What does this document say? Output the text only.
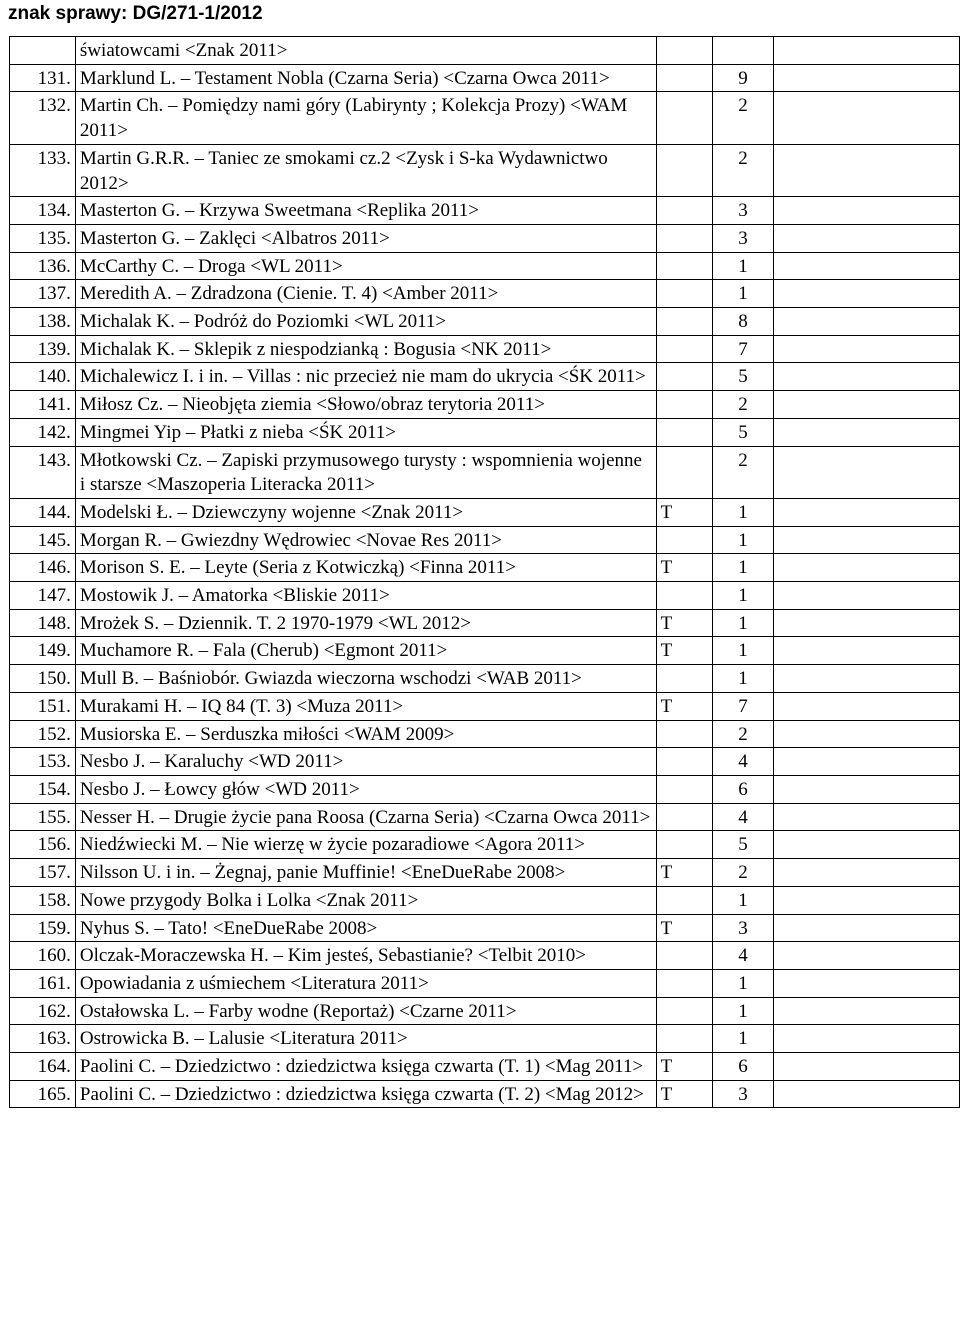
znak sprawy: DG/271-1/2012
	światowcami <Znak 2011>			
131.	Marklund L. – Testament Nobla (Czarna Seria) <Czarna Owca 2011>		9	
132.	Martin Ch. – Pomiędzy nami góry (Labirynty ; Kolekcja Prozy) <WAM 2011>		2	
133.	Martin G.R.R. – Taniec ze smokami cz.2 <Zysk i S-ka Wydawnictwo 2012>		2	
134.	Masterton G. – Krzywa Sweetmana <Replika 2011>		3	
135.	Masterton G. – Zaklęci <Albatros 2011>		3	
136.	McCarthy C. – Droga <WL 2011>		1	
137.	Meredith A. – Zdradzona (Cienie. T. 4) <Amber 2011>		1	
138.	Michalak K. – Podróż do Poziomki <WL 2011>		8	
139.	Michalak K. – Sklepik z niespodzianką : Bogusia <NK 2011>		7	
140.	Michalewicz I. i in. – Villas : nic przecież nie mam do ukrycia <ŚK 2011>		5	
141.	Miłosz Cz. – Nieobjęta ziemia <Słowo/obraz terytoria 2011>		2	
142.	Mingmei Yip – Płatki z nieba <ŚK 2011>		5	
143.	Młotkowski Cz. – Zapiski przymusowego turysty : wspomnienia wojenne i starsze <Maszoperia Literacka 2011>		2	
144.	Modelski Ł. – Dziewczyny wojenne <Znak 2011>	T	1	
145.	Morgan R. – Gwiezdny Wędrowiec <Novae Res 2011>		1	
146.	Morison S. E. – Leyte (Seria z Kotwiczką) <Finna 2011>	T	1	
147.	Mostowik J. – Amatorka <Bliskie 2011>		1	
148.	Mrożek S. – Dziennik. T. 2 1970-1979 <WL 2012>	T	1	
149.	Muchamore R. – Fala (Cherub) <Egmont 2011>	T	1	
150.	Mull B. – Baśniobór. Gwiazda wieczorna wschodzi <WAB 2011>		1	
151.	Murakami H. – IQ 84 (T. 3) <Muza 2011>	T	7	
152.	Musiorska E. – Serduszka miłości <WAM 2009>		2	
153.	Nesbo J. – Karaluchy <WD 2011>		4	
154.	Nesbo J. – Łowcy głów <WD 2011>		6	
155.	Nesser H. – Drugie życie pana Roosa (Czarna Seria) <Czarna Owca 2011>		4	
156.	Niedźwiecki M. – Nie wierzę w życie pozaradiowe <Agora 2011>		5	
157.	Nilsson U. i in. – Żegnaj, panie Muffinie! <EneDueRabe 2008>	T	2	
158.	Nowe przygody Bolka i Lolka <Znak 2011>		1	
159.	Nyhus S. – Tato! <EneDueRabe 2008>	T	3	
160.	Olczak-Moraczewska H. – Kim jesteś, Sebastianie? <Telbit 2010>		4	
161.	Opowiadania z uśmiechem <Literatura 2011>		1	
162.	Ostałowska L. – Farby wodne (Reportaż) <Czarne 2011>		1	
163.	Ostrowicka B. – Lalusie <Literatura 2011>		1	
164.	Paolini C. – Dziedzictwo : dziedzictwa księga czwarta (T. 1) <Mag 2011>	T	6	
165.	Paolini C. – Dziedzictwo : dziedzictwa księga czwarta (T. 2) <Mag 2012>	T	3	
